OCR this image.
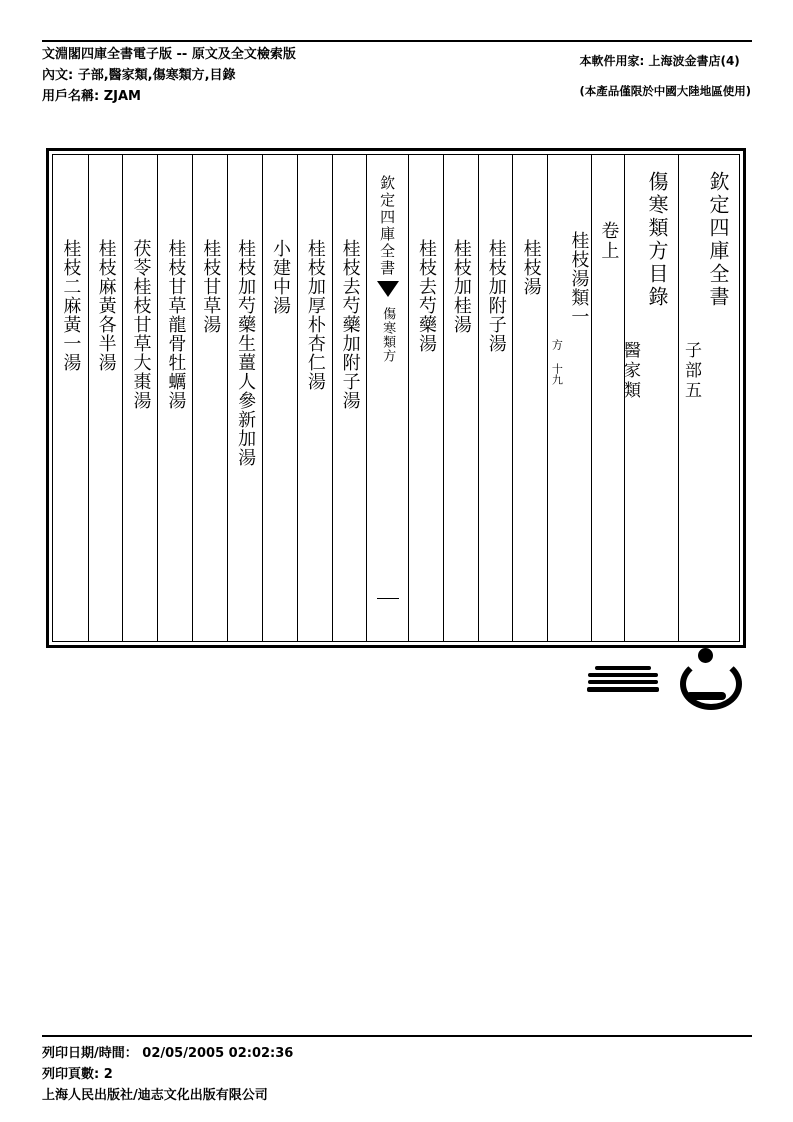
文淵閣四庫全書電子版 -- 原文及全文檢索版
內文: 子部,醫家類,傷寒類方,目錄
用戶名稱: ZJAM
本軟件用家: 上海波金書店(4)
(本產品僅限於中國大陸地區使用)
欽定四庫全書
子部五
傷寒類方目錄
醫家類
卷上
桂枝湯類一
方 十九
桂枝湯
桂枝加附子湯
桂枝加桂湯
桂枝去芍藥湯
欽定四庫全書
傷寒類方
桂枝去芍藥加附子湯
桂枝加厚朴杏仁湯
小建中湯
桂枝加芍藥生薑人參新加湯
桂枝甘草湯
桂枝甘草龍骨牡蠣湯
茯苓桂枝甘草大棗湯
桂枝麻黃各半湯
桂枝二麻黃一湯
列印日期/時間： 02/05/2005 02:02:36
列印頁數: 2
上海人民出版社/迪志文化出版有限公司
